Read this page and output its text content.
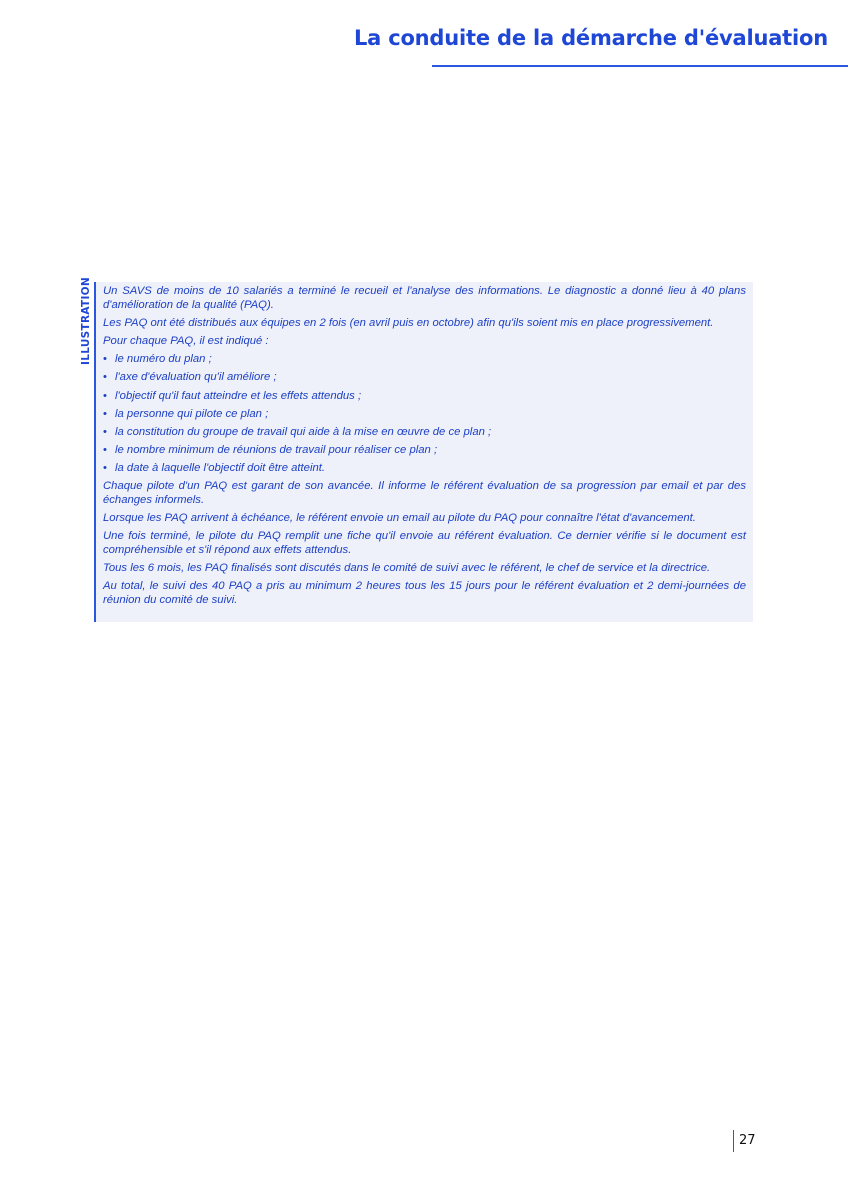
La conduite de la démarche d'évaluation
ILLUSTRATION Un SAVS de moins de 10 salariés a terminé le recueil et l'analyse des informations. Le diagnostic a donné lieu à 40 plans d'amélioration de la qualité (PAQ).

Les PAQ ont été distribués aux équipes en 2 fois (en avril puis en octobre) afin qu'ils soient mis en place progressivement.

Pour chaque PAQ, il est indiqué :

• le numéro du plan ;
• l'axe d'évaluation qu'il améliore ;
• l'objectif qu'il faut atteindre et les effets attendus ;
• la personne qui pilote ce plan ;
• la constitution du groupe de travail qui aide à la mise en œuvre de ce plan ;
• le nombre minimum de réunions de travail pour réaliser ce plan ;
• la date à laquelle l'objectif doit être atteint.

Chaque pilote d'un PAQ est garant de son avancée. Il informe le référent évaluation de sa progression par email et par des échanges informels.

Lorsque les PAQ arrivent à échéance, le référent envoie un email au pilote du PAQ pour connaître l'état d'avancement.

Une fois terminé, le pilote du PAQ remplit une fiche qu'il envoie au référent évaluation. Ce dernier vérifie si le document est compréhensible et s'il répond aux effets attendus.

Tous les 6 mois, les PAQ finalisés sont discutés dans le comité de suivi avec le référent, le chef de service et la directrice.

Au total, le suivi des 40 PAQ a pris au minimum 2 heures tous les 15 jours pour le référent évaluation et 2 demi-journées de réunion du comité de suivi.

27
